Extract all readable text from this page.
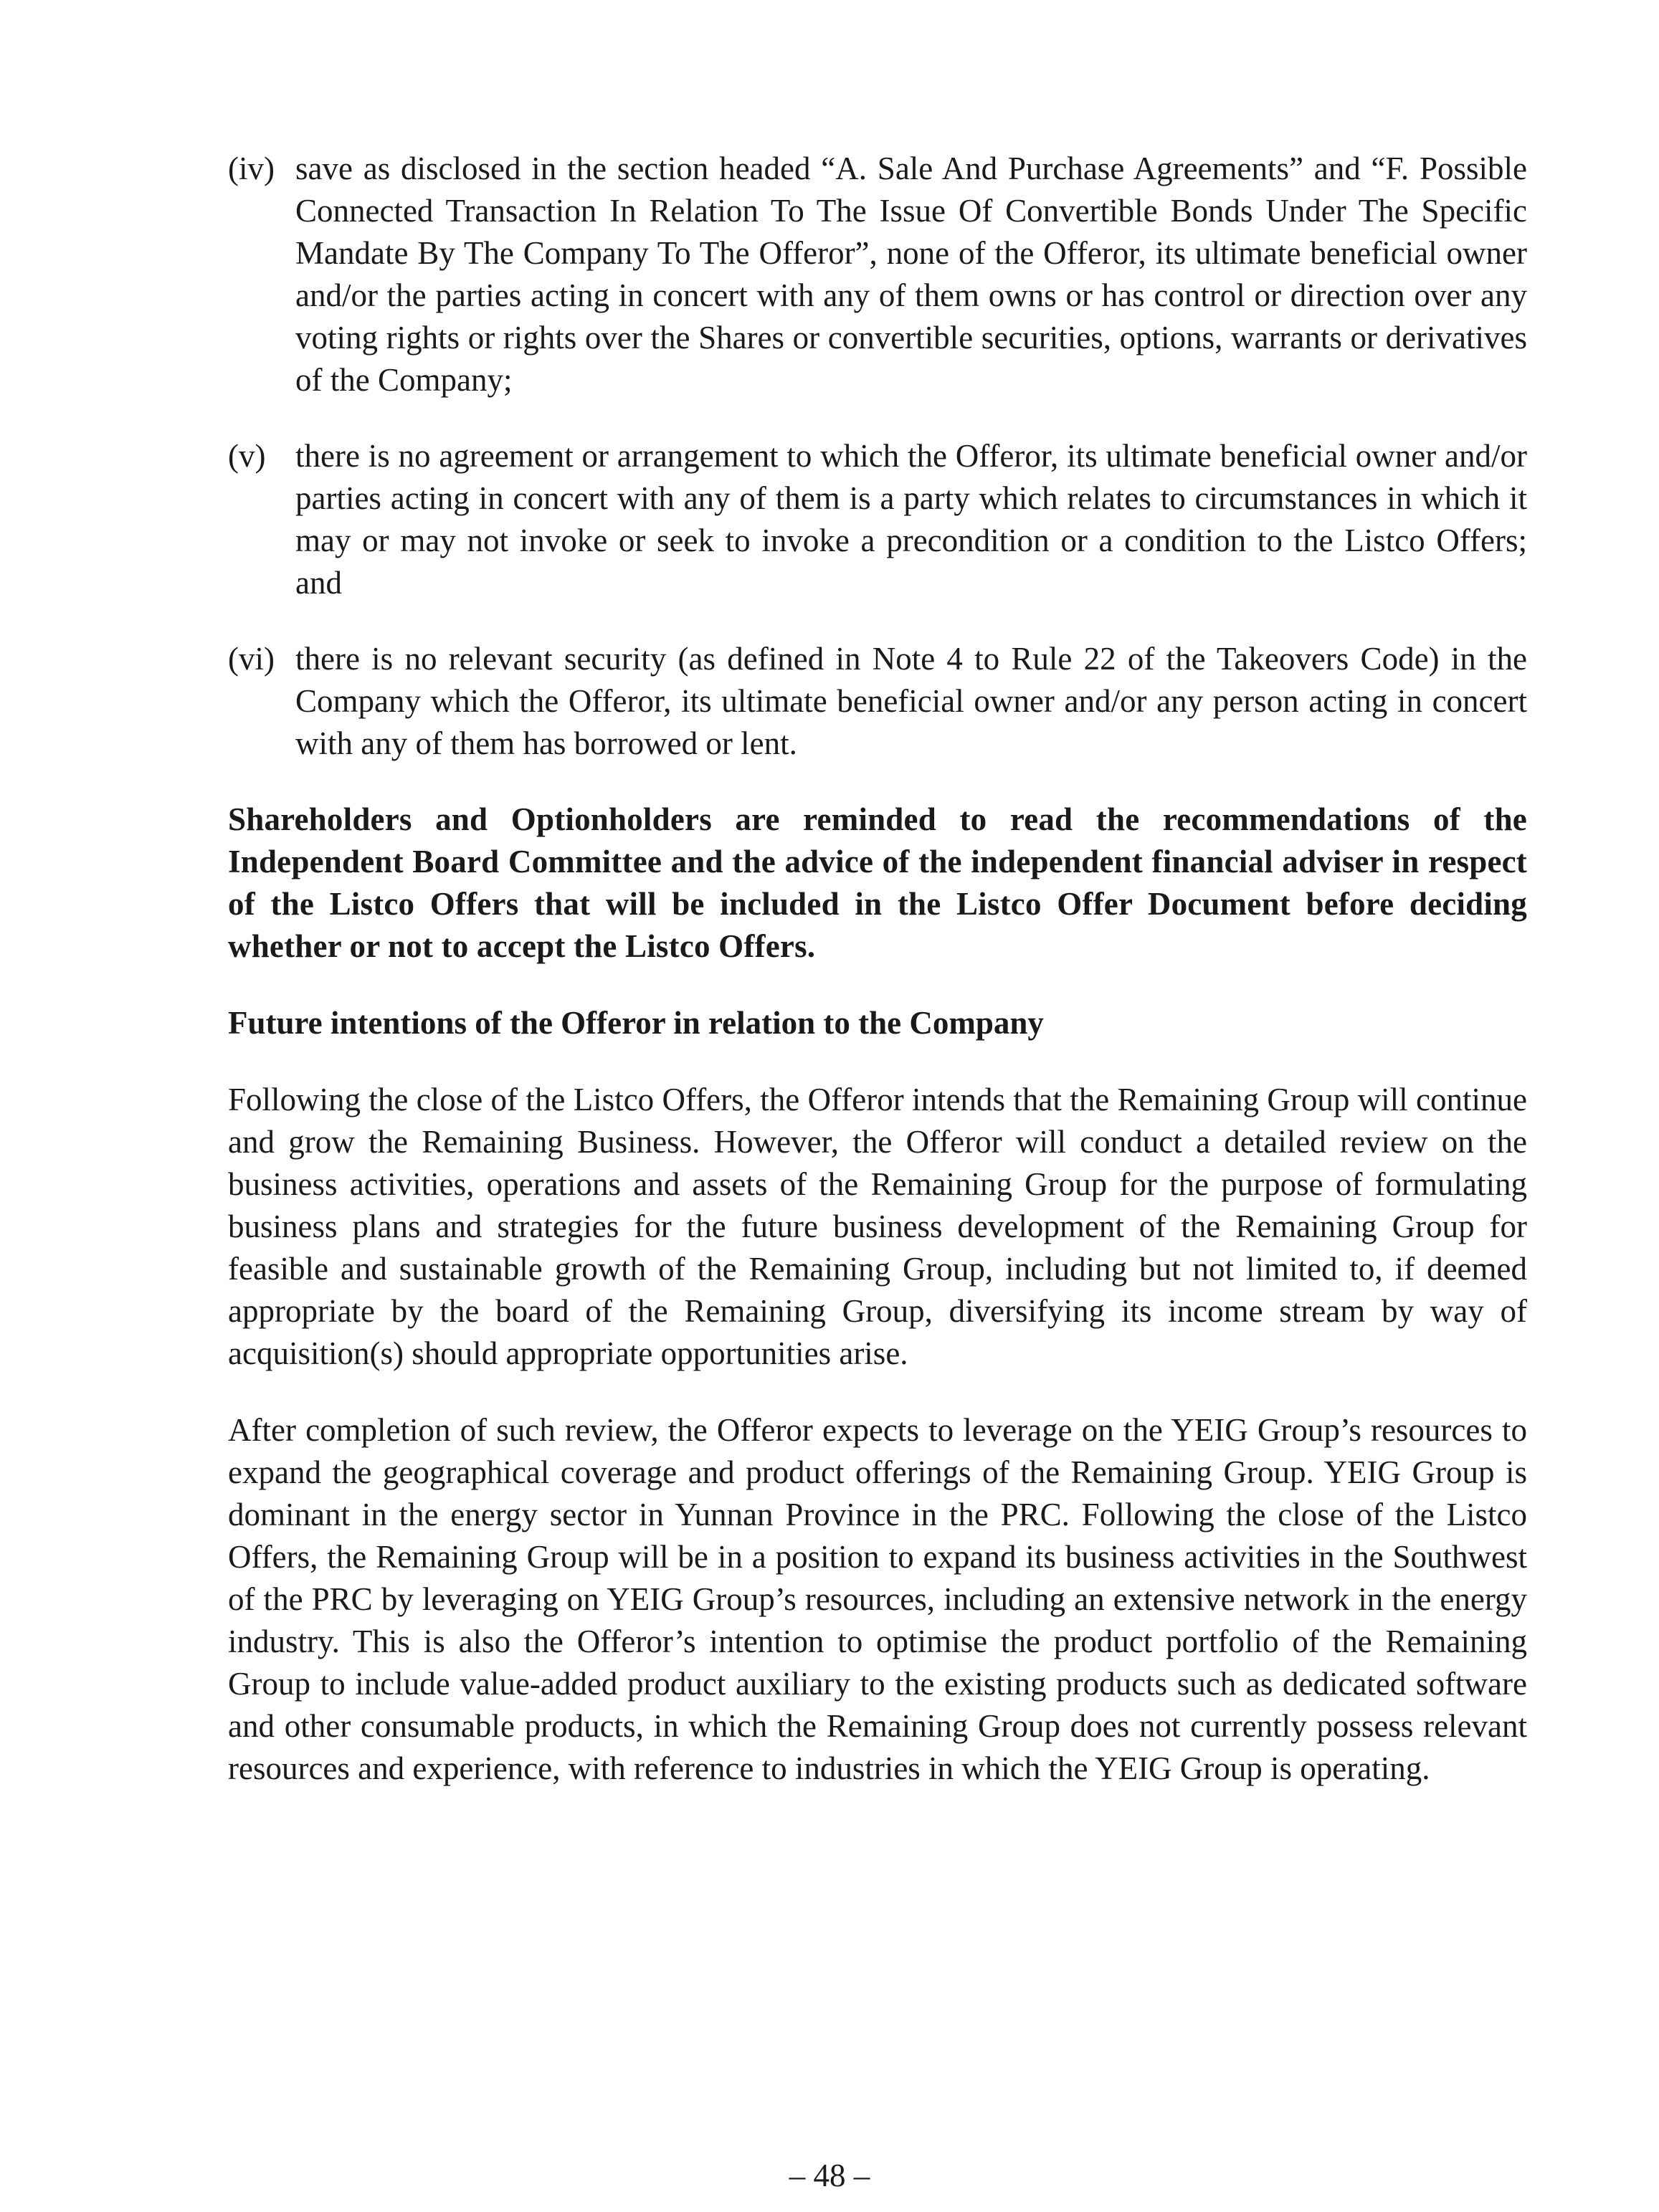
(iv) save as disclosed in the section headed “A. Sale And Purchase Agreements” and “F. Possible Connected Transaction In Relation To The Issue Of Convertible Bonds Under The Specific Mandate By The Company To The Offeror”, none of the Offeror, its ultimate beneficial owner and/or the parties acting in concert with any of them owns or has control or direction over any voting rights or rights over the Shares or convertible securities, options, warrants or derivatives of the Company;
(v) there is no agreement or arrangement to which the Offeror, its ultimate beneficial owner and/or parties acting in concert with any of them is a party which relates to circumstances in which it may or may not invoke or seek to invoke a precondition or a condition to the Listco Offers; and
(vi) there is no relevant security (as defined in Note 4 to Rule 22 of the Takeovers Code) in the Company which the Offeror, its ultimate beneficial owner and/or any person acting in concert with any of them has borrowed or lent.

Shareholders and Optionholders are reminded to read the recommendations of the Independent Board Committee and the advice of the independent financial adviser in respect of the Listco Offers that will be included in the Listco Offer Document before deciding whether or not to accept the Listco Offers.

Future intentions of the Offeror in relation to the Company

Following the close of the Listco Offers, the Offeror intends that the Remaining Group will continue and grow the Remaining Business. However, the Offeror will conduct a detailed review on the business activities, operations and assets of the Remaining Group for the purpose of formulating business plans and strategies for the future business development of the Remaining Group for feasible and sustainable growth of the Remaining Group, including but not limited to, if deemed appropriate by the board of the Remaining Group, diversifying its income stream by way of acquisition(s) should appropriate opportunities arise.

After completion of such review, the Offeror expects to leverage on the YEIG Group’s resources to expand the geographical coverage and product offerings of the Remaining Group. YEIG Group is dominant in the energy sector in Yunnan Province in the PRC. Following the close of the Listco Offers, the Remaining Group will be in a position to expand its business activities in the Southwest of the PRC by leveraging on YEIG Group’s resources, including an extensive network in the energy industry. This is also the Offeror’s intention to optimise the product portfolio of the Remaining Group to include value-added product auxiliary to the existing products such as dedicated software and other consumable products, in which the Remaining Group does not currently possess relevant resources and experience, with reference to industries in which the YEIG Group is operating.

– 48 –
